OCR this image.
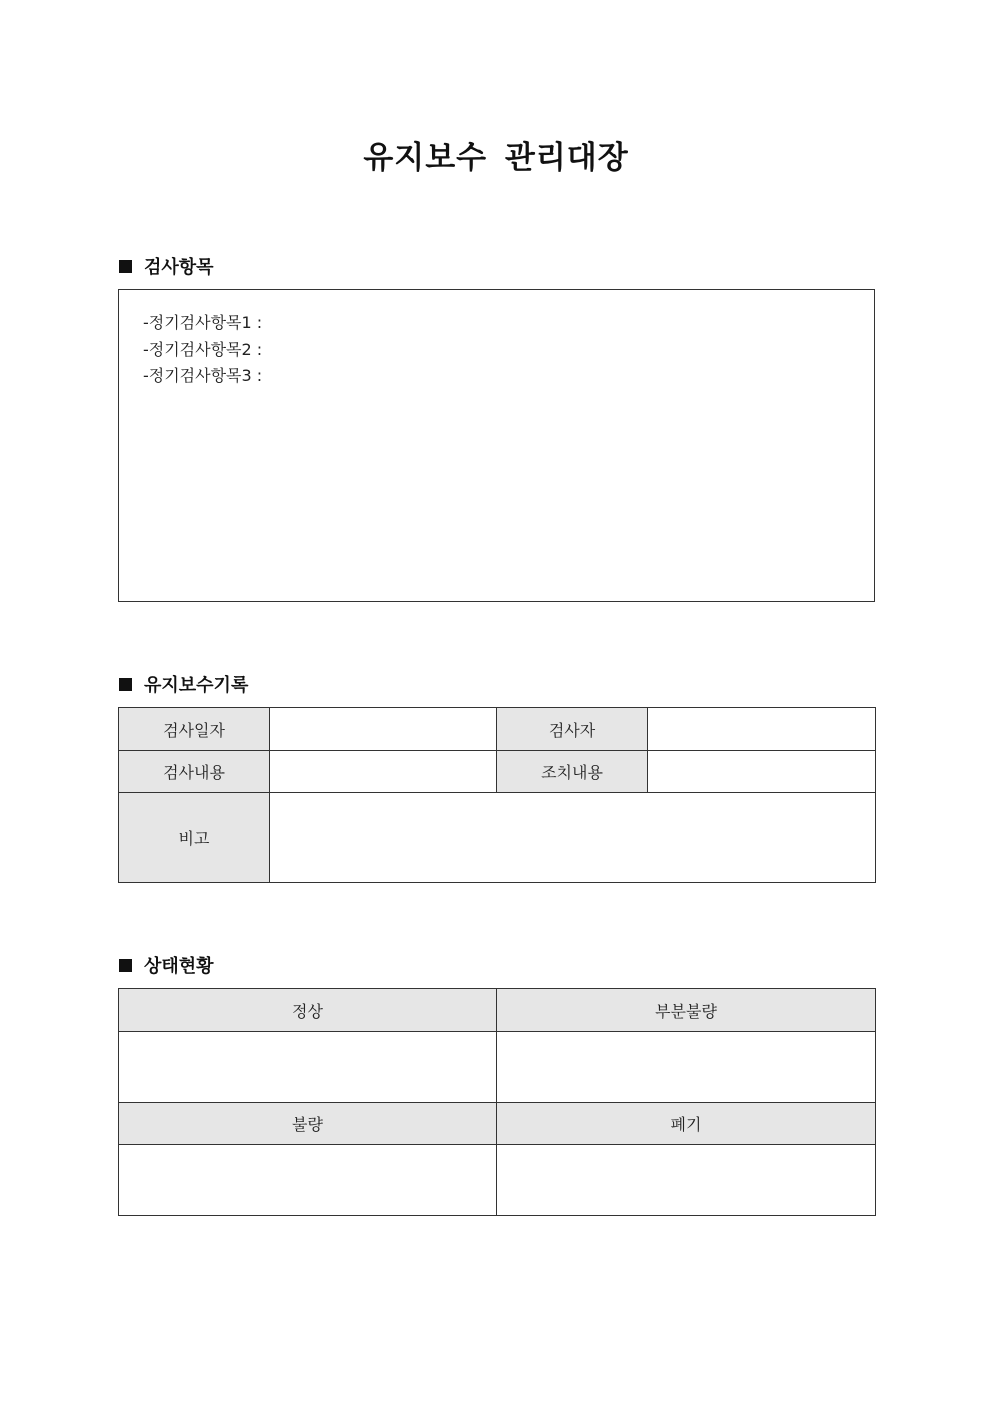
유지보수 관리대장
검사항목
-정기검사항목1 :
-정기검사항목2 :
-정기검사항목3 :
유지보수기록
검사일자		검사자	
검사내용		조치내용	
비고			
상태현황
정상	부분불량

불량	폐기
